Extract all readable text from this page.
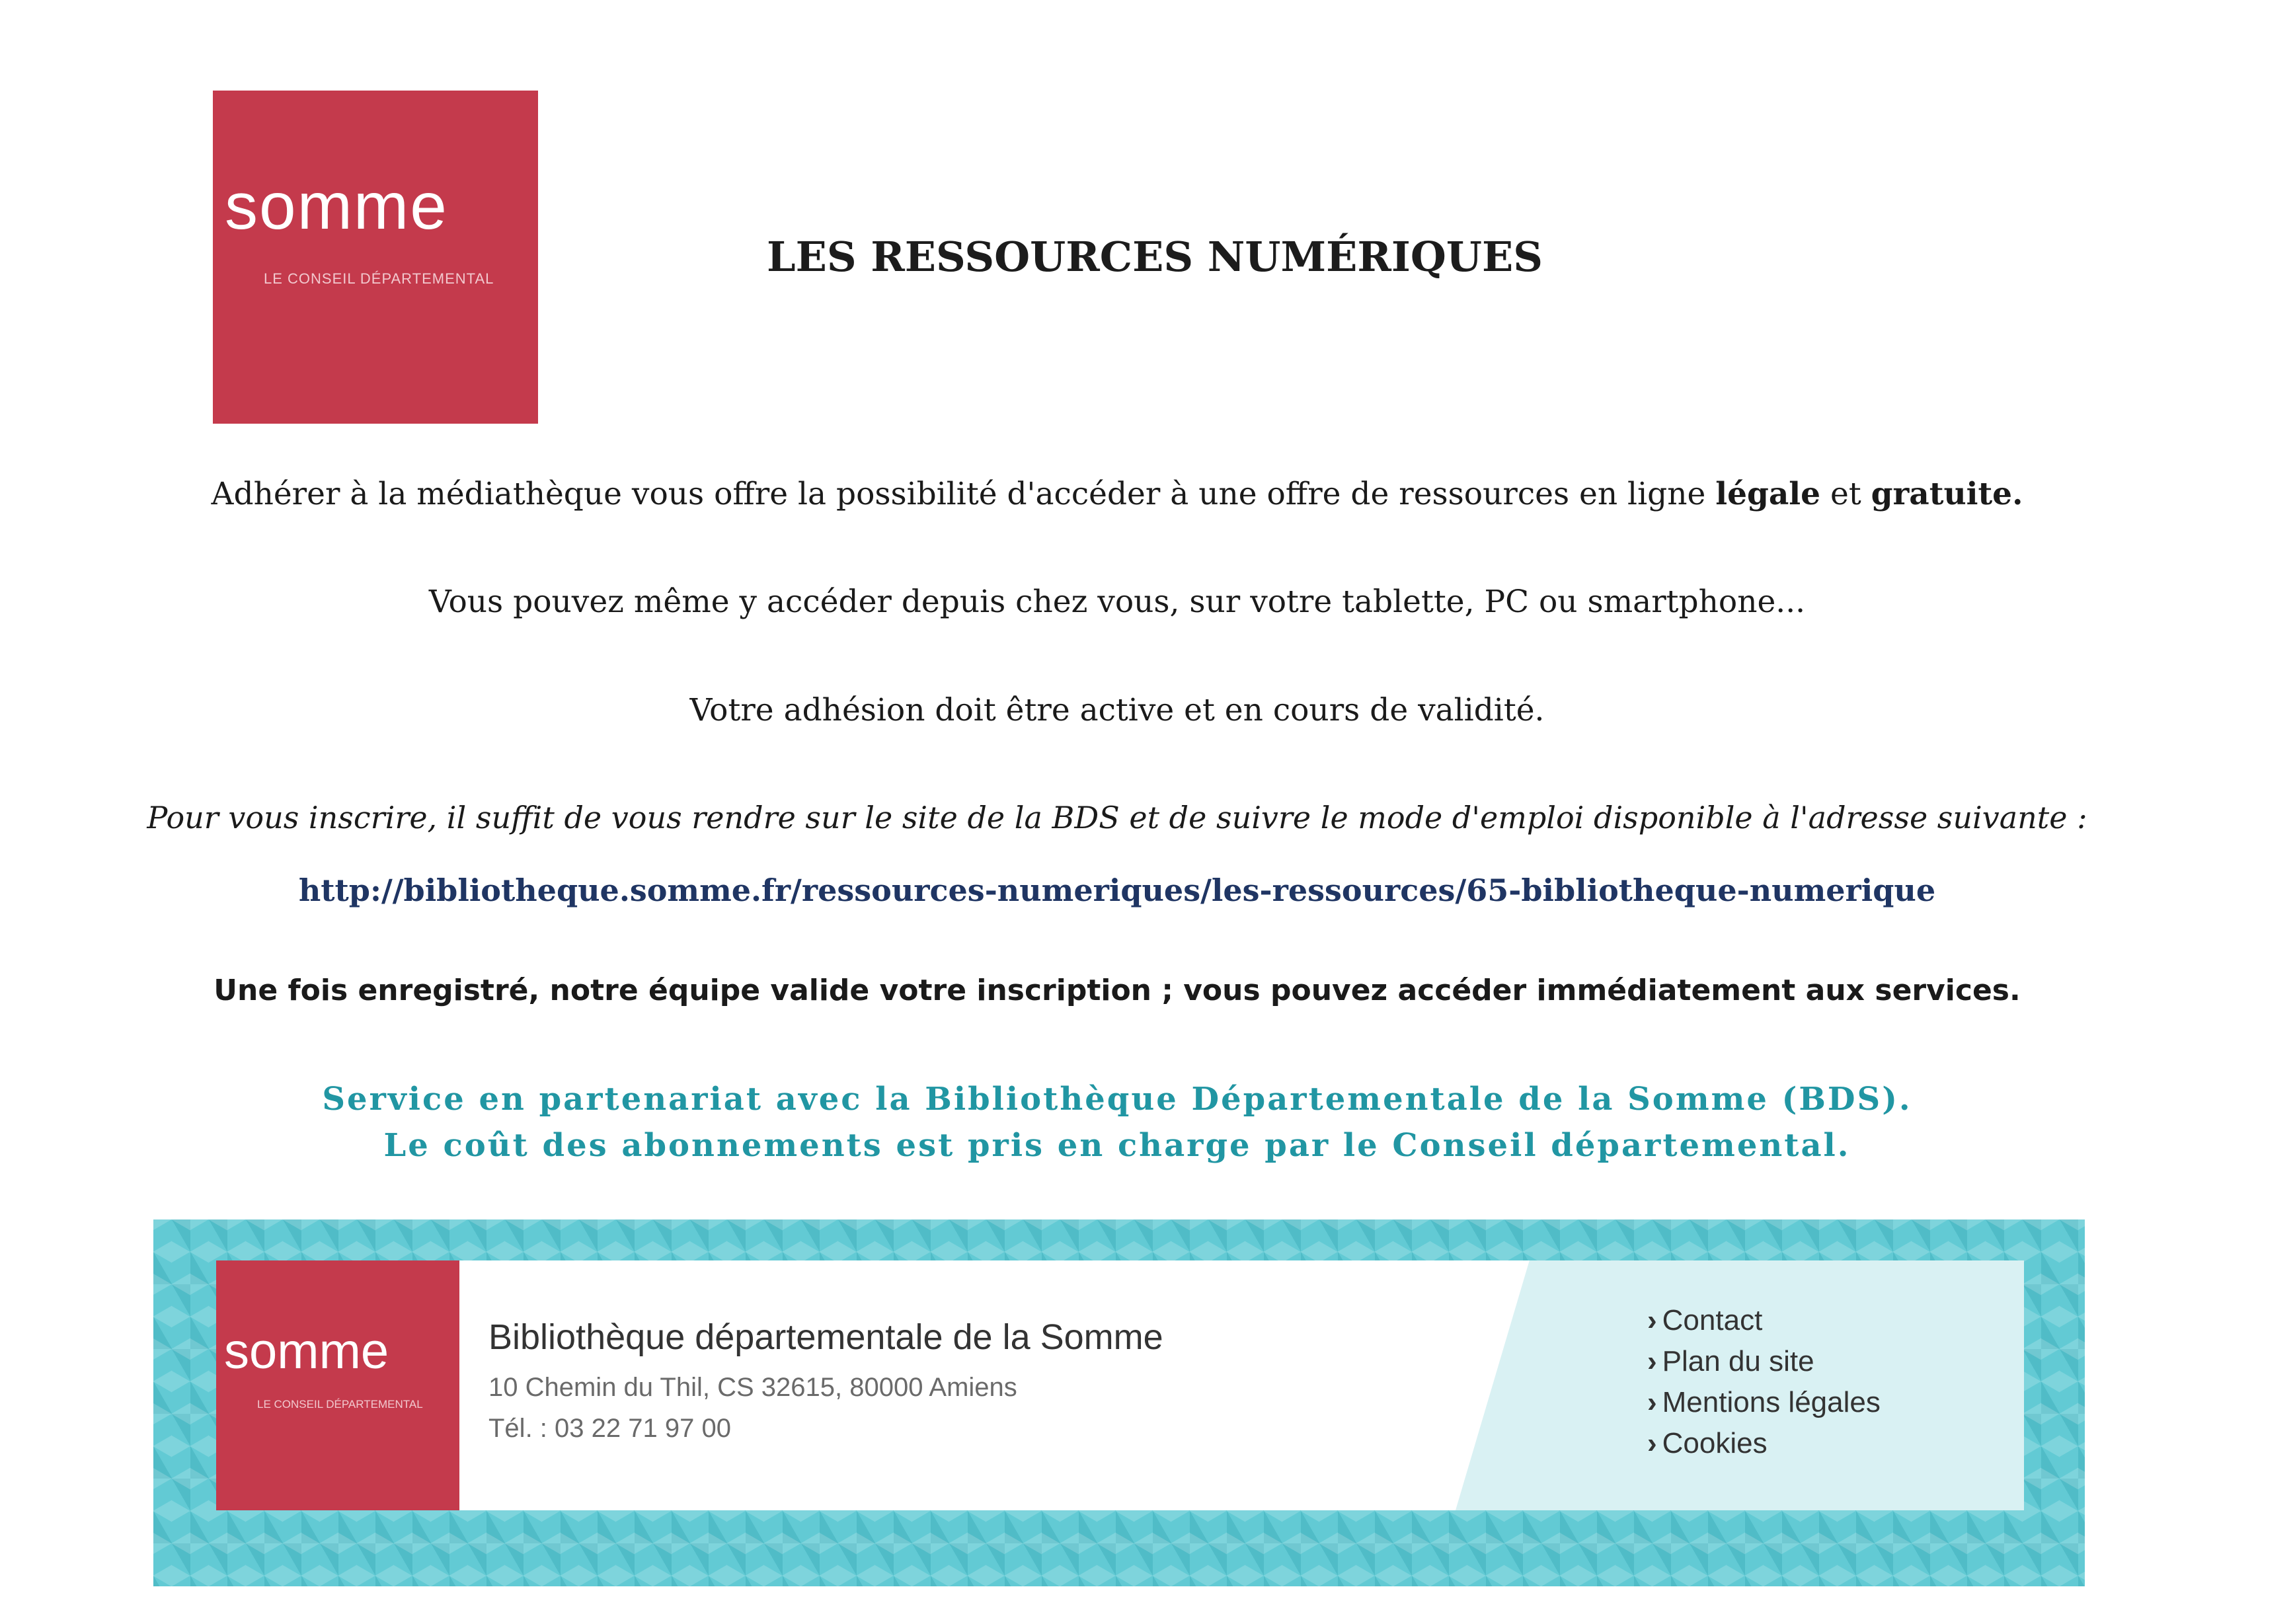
somme
LE CONSEIL DÉPARTEMENTAL	LES RESSOURCES NUMÉRIQUES
Adhérer à la médiathèque vous offre la possibilité d'accéder à une offre de ressources en ligne légale et gratuite.
Vous pouvez même y accéder depuis chez vous, sur votre tablette, PC ou smartphone...
Votre adhésion doit être active et en cours de validité.
Pour vous inscrire, il suffit de vous rendre sur le site de la BDS et de suivre le mode d'emploi disponible à l'adresse suivante :
http://bibliotheque.somme.fr/ressources-numeriques/les-ressources/65-bibliotheque-numerique
Une fois enregistré, notre équipe valide votre inscription ; vous pouvez accéder immédiatement aux services.
Service en partenariat avec la Bibliothèque Départementale de la Somme (BDS).
Le coût des abonnements est pris en charge par le Conseil départemental.
somme
LE CONSEIL DÉPARTEMENTAL
Bibliothèque départementale de la Somme
10 Chemin du Thil, CS 32615, 80000 Amiens
Tél. : 03 22 71 97 00
› Contact
› Plan du site
› Mentions légales
› Cookies
